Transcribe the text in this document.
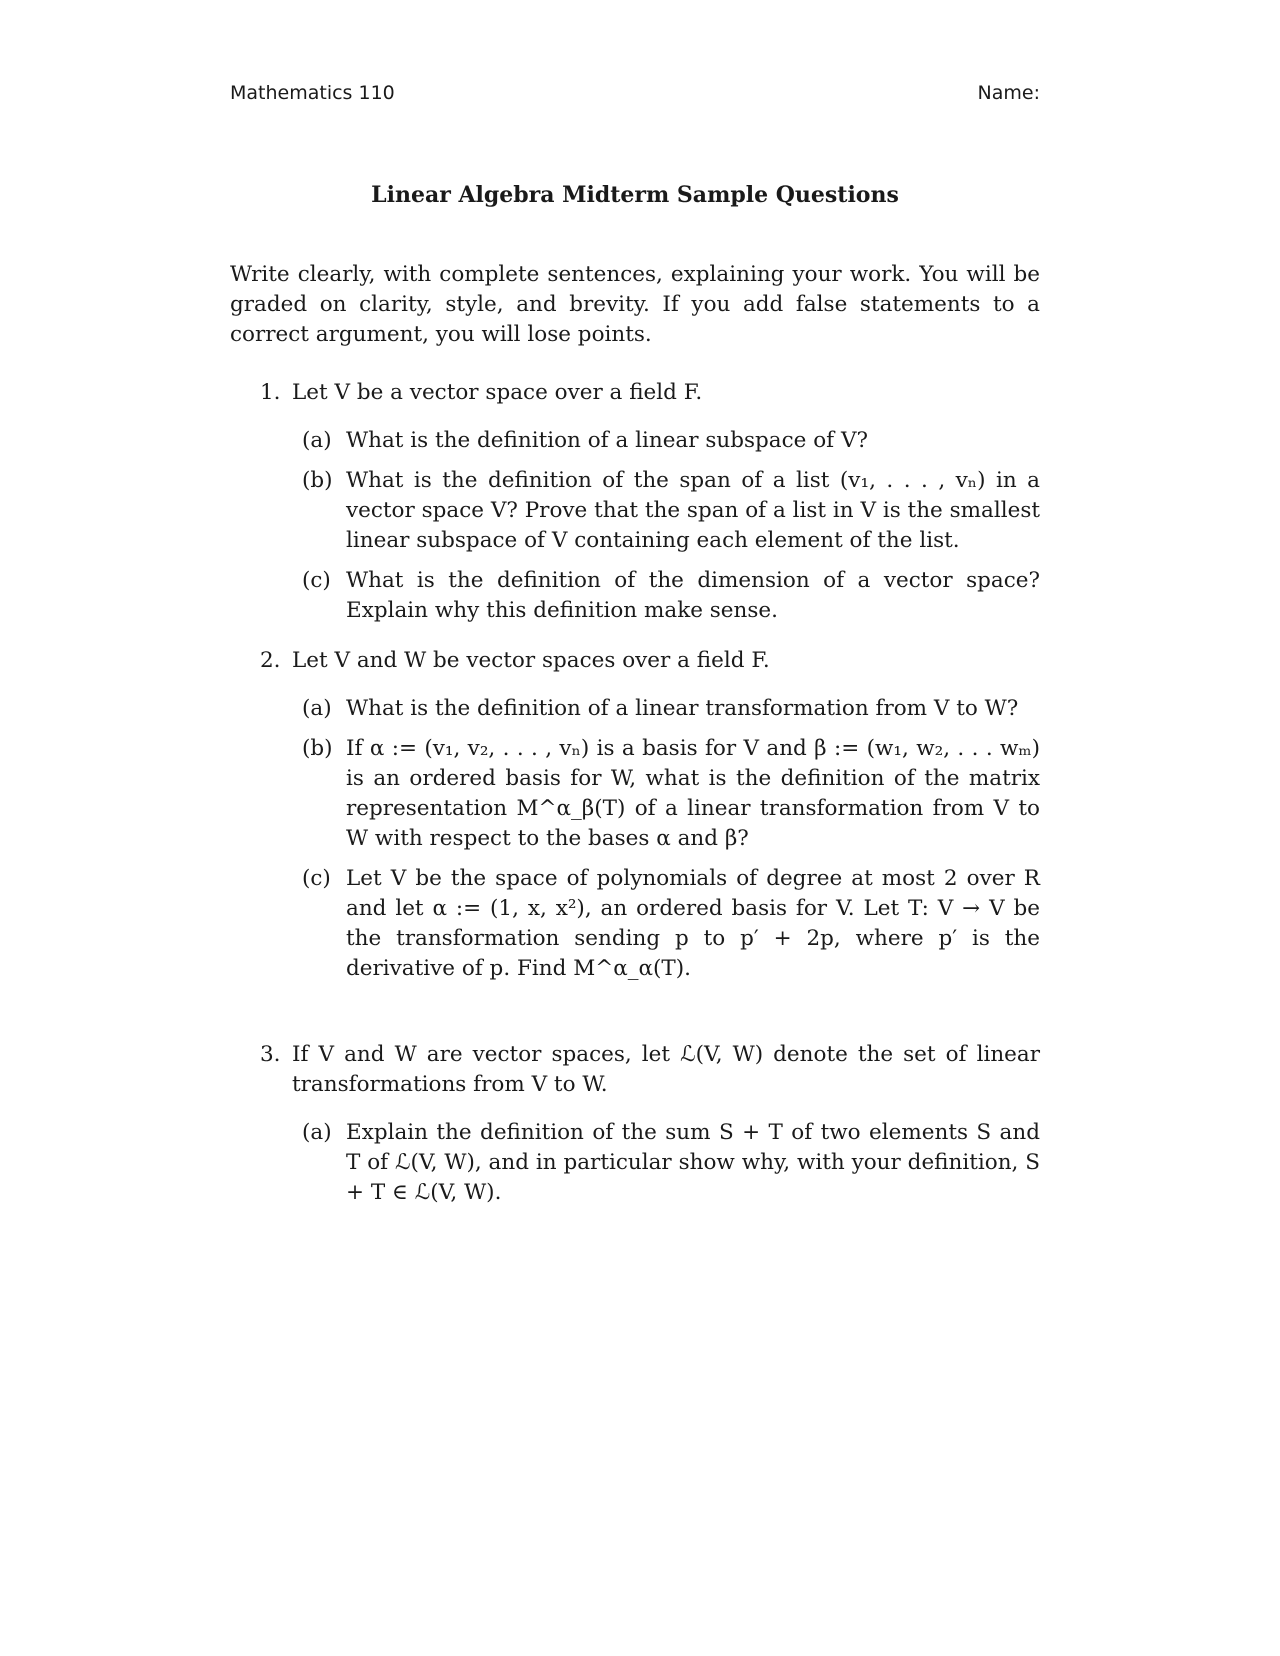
Mathematics 110	Name:
Linear Algebra Midterm Sample Questions
Write clearly, with complete sentences, explaining your work. You will be graded on clarity, style, and brevity. If you add false statements to a correct argument, you will lose points.
1. Let V be a vector space over a field F.
(a) What is the definition of a linear subspace of V?
(b) What is the definition of the span of a list (v₁, . . . , vₙ) in a vector space V? Prove that the span of a list in V is the smallest linear subspace of V containing each element of the list.
(c) What is the definition of the dimension of a vector space? Explain why this definition make sense.
2. Let V and W be vector spaces over a field F.
(a) What is the definition of a linear transformation from V to W?
(b) If α := (v₁, v₂, . . . , vₙ) is a basis for V and β := (w₁, w₂, . . . wₘ) is an ordered basis for W, what is the definition of the matrix representation M^α_β(T) of a linear transformation from V to W with respect to the bases α and β?
(c) Let V be the space of polynomials of degree at most 2 over R and let α := (1, x, x²), an ordered basis for V. Let T: V → V be the transformation sending p to p′ + 2p, where p′ is the derivative of p. Find M^α_α(T).
3. If V and W are vector spaces, let ℒ(V, W) denote the set of linear transformations from V to W.
(a) Explain the definition of the sum S + T of two elements S and T of ℒ(V, W), and in particular show why, with your definition, S + T ∈ ℒ(V, W).
